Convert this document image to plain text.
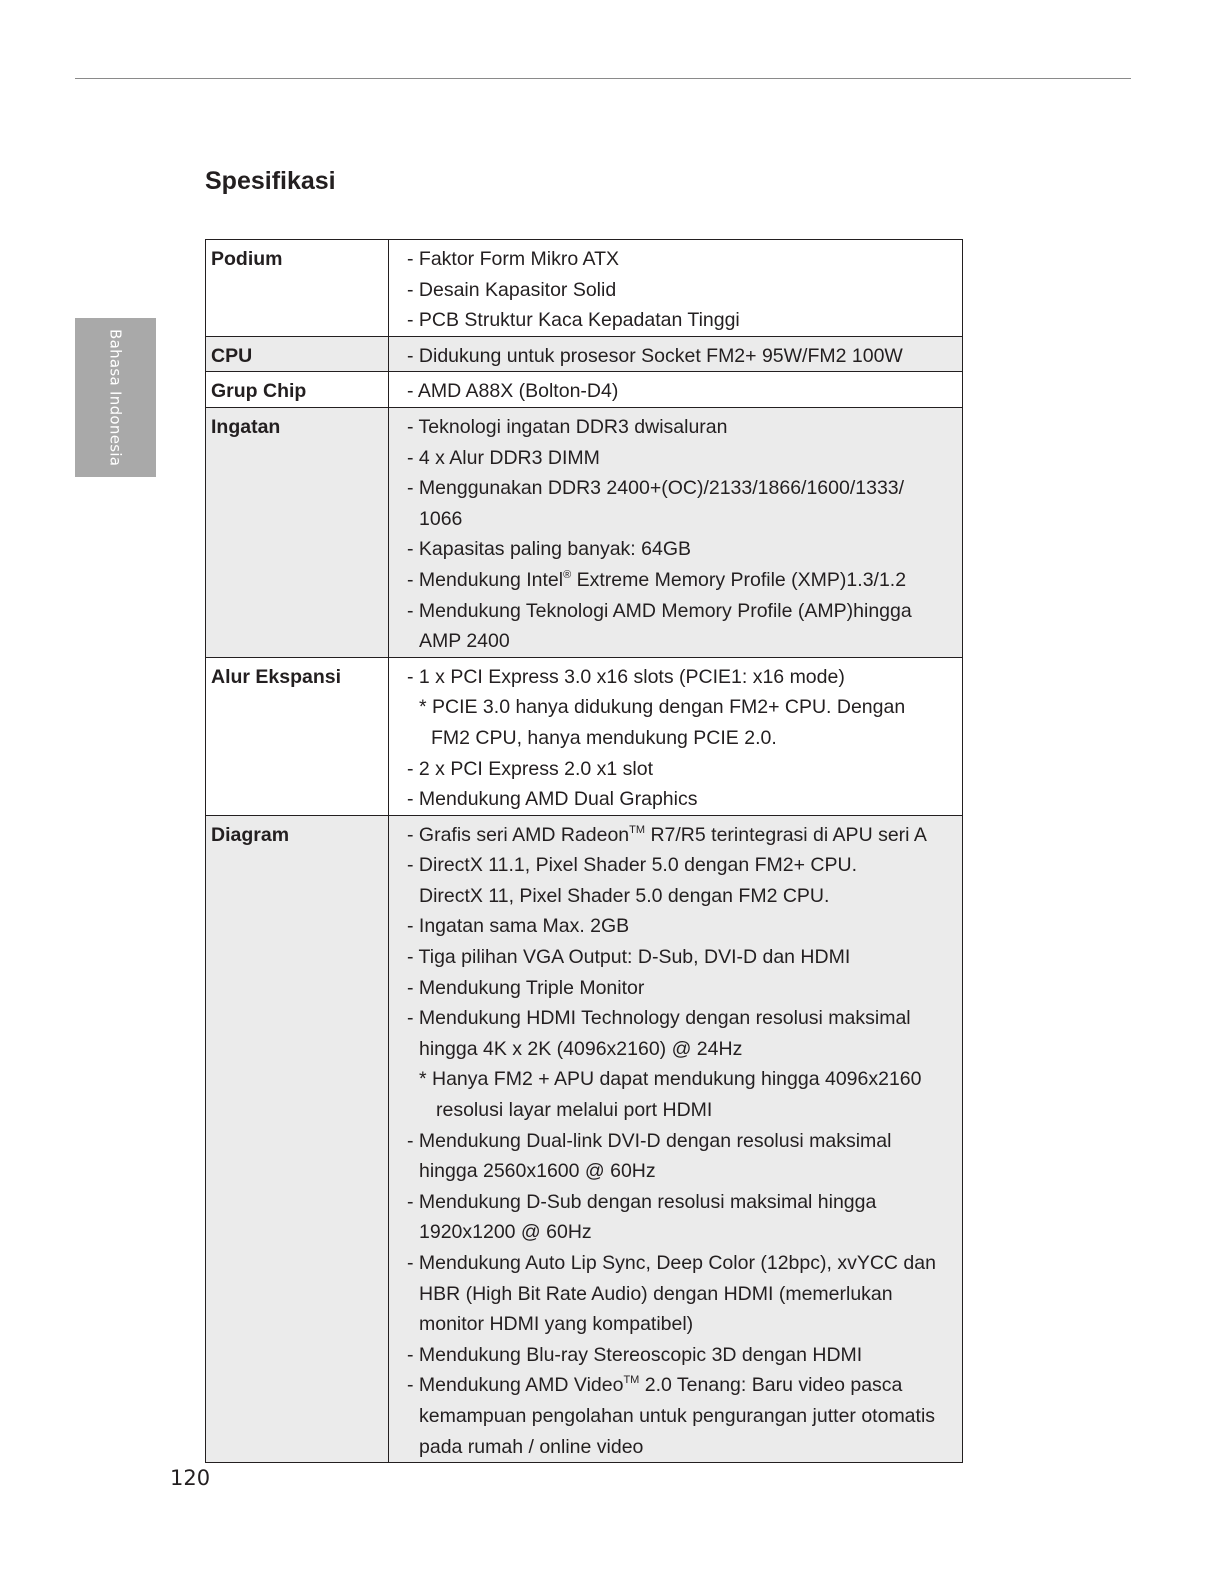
Bahasa Indonesia
Spesifikasi
Podium	- Faktor Form Mikro ATX
- Desain Kapasitor Solid
- PCB Struktur Kaca Kepadatan Tinggi
CPU	- Didukung untuk prosesor Socket FM2+ 95W/FM2 100W
Grup Chip	- AMD A88X (Bolton-D4)
Ingatan	- Teknologi ingatan DDR3 dwisaluran
- 4 x Alur DDR3 DIMM
- Menggunakan DDR3 2400+(OC)/2133/1866/1600/1333/
1066
- Kapasitas paling banyak: 64GB
- Mendukung Intel® Extreme Memory Profile (XMP)1.3/1.2
- Mendukung Teknologi AMD Memory Profile (AMP)hingga
AMP 2400
Alur Ekspansi	- 1 x PCI Express 3.0 x16 slots (PCIE1: x16 mode)
* PCIE 3.0 hanya didukung dengan FM2+ CPU. Dengan
FM2 CPU, hanya mendukung PCIE 2.0.
- 2 x PCI Express 2.0 x1 slot
- Mendukung AMD Dual Graphics
Diagram	- Grafis seri AMD Radeon™ R7/R5 terintegrasi di APU seri A
- DirectX 11.1, Pixel Shader 5.0 dengan FM2+ CPU.
DirectX 11, Pixel Shader 5.0 dengan FM2 CPU.
- Ingatan sama Max. 2GB
- Tiga pilihan VGA Output: D-Sub, DVI-D dan HDMI
- Mendukung Triple Monitor
- Mendukung HDMI Technology dengan resolusi maksimal
hingga 4K x 2K (4096x2160) @ 24Hz
* Hanya FM2 + APU dapat mendukung hingga 4096x2160
resolusi layar melalui port HDMI
- Mendukung Dual-link DVI-D dengan resolusi maksimal
hingga 2560x1600 @ 60Hz
- Mendukung D-Sub dengan resolusi maksimal hingga
1920x1200 @ 60Hz
- Mendukung Auto Lip Sync, Deep Color (12bpc), xvYCC dan
HBR (High Bit Rate Audio) dengan HDMI (memerlukan
monitor HDMI yang kompatibel)
- Mendukung Blu-ray Stereoscopic 3D dengan HDMI
- Mendukung AMD Video™ 2.0 Tenang: Baru video pasca
kemampuan pengolahan untuk pengurangan jutter otomatis
pada rumah / online video
120
